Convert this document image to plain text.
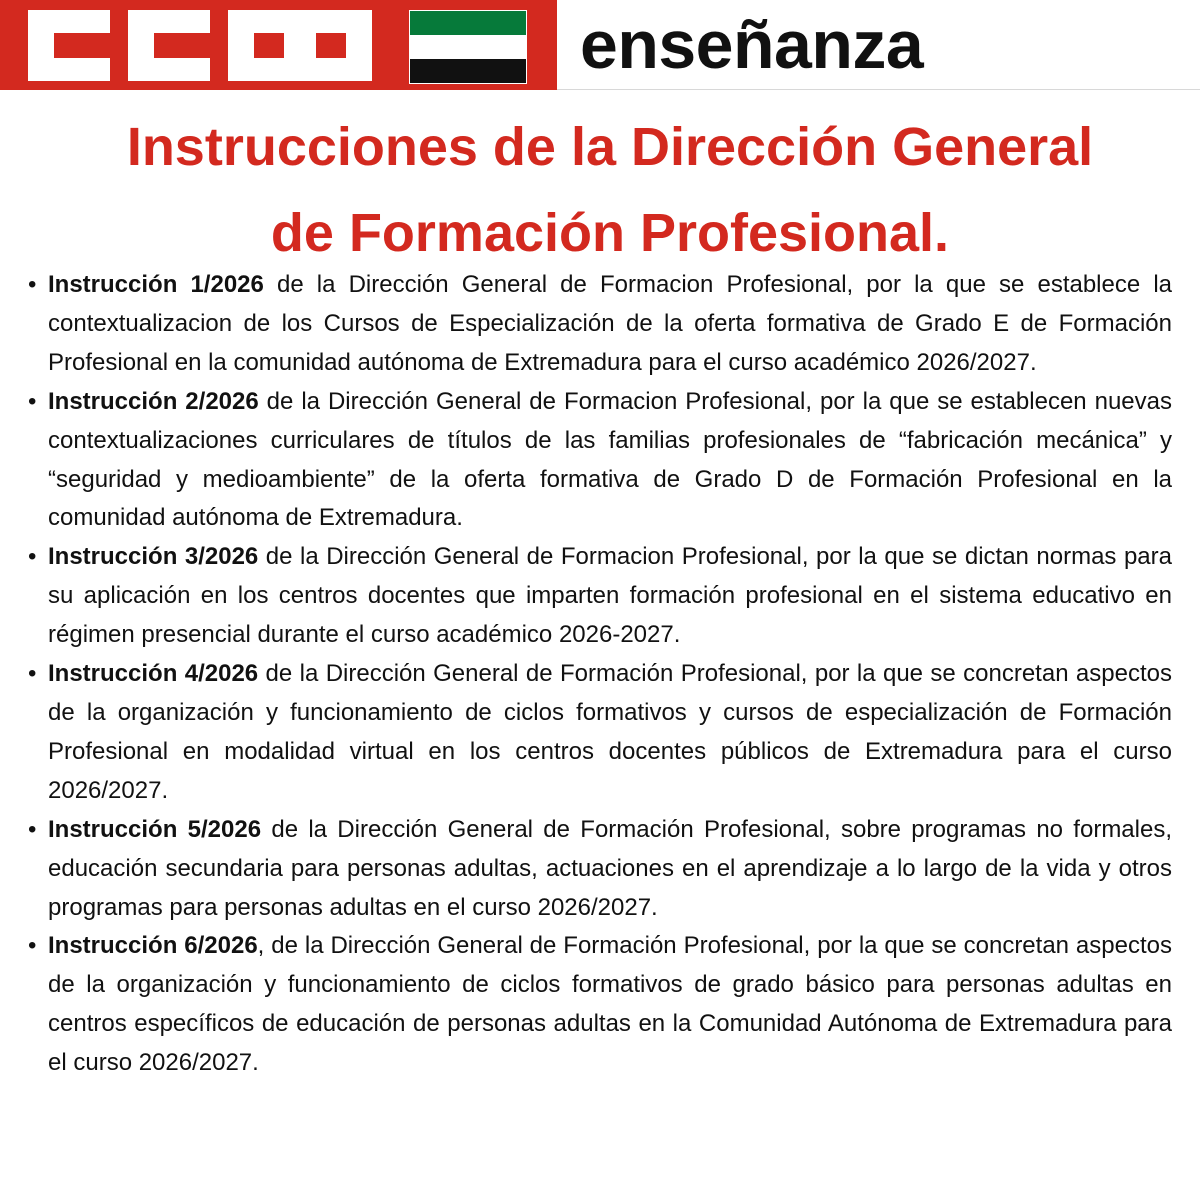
enseñanza
Instrucciones de la Dirección General
de Formación Profesional.
• Instrucción 1/2026 de la Dirección General de Formacion Profesional, por la que se establece la contextualizacion de los Cursos de Especialización de la oferta formativa de Grado E de Formación Profesional en la comunidad autónoma de Extremadura para el curso académico 2026/2027.
• Instrucción 2/2026 de la Dirección General de Formacion Profesional, por la que se establecen nuevas contextualizaciones curriculares de títulos de las familias profesionales de “fabricación mecánica” y “seguridad y medioambiente” de la oferta formativa de Grado D de Formación Profesional en la comunidad autónoma de Extremadura.
• Instrucción 3/2026 de la Dirección General de Formacion Profesional, por la que se dictan normas para su aplicación en los centros docentes que imparten formación profesional en el sistema educativo en régimen presencial durante el curso académico 2026-2027.
• Instrucción 4/2026 de la Dirección General de Formación Profesional, por la que se concretan aspectos de la organización y funcionamiento de ciclos formativos y cursos de especialización de Formación Profesional en modalidad virtual en los centros docentes públicos de Extremadura para el curso 2026/2027.
• Instrucción 5/2026 de la Dirección General de Formación Profesional, sobre programas no formales, educación secundaria para personas adultas, actuaciones en el aprendizaje a lo largo de la vida y otros programas para personas adultas en el curso 2026/2027.
• Instrucción 6/2026, de la Dirección General de Formación Profesional, por la que se concretan aspectos de la organización y funcionamiento de ciclos formativos de grado básico para personas adultas en centros específicos de educación de personas adultas en la Comunidad Autónoma de Extremadura para el curso 2026/2027.
